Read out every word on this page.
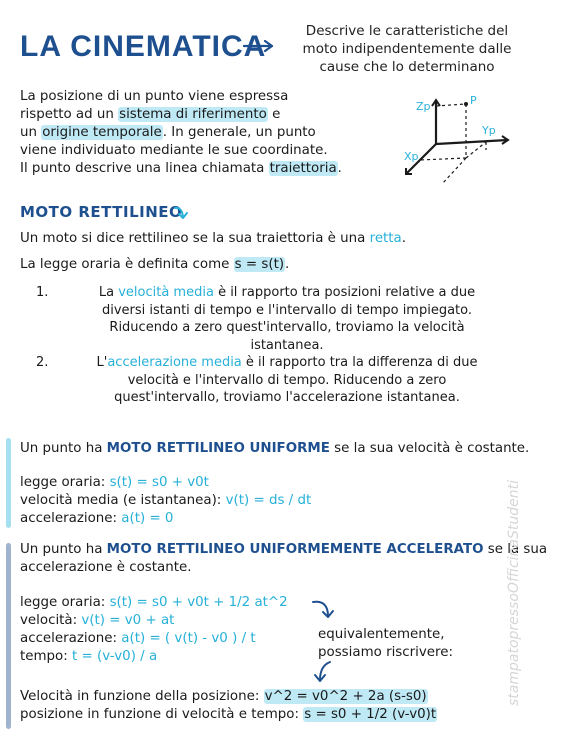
LA CINEMATICA	Descrive le caratteristiche del
moto indipendentemente dalle
cause che lo determinano
La posizione di un punto viene espressa
rispetto ad un sistema di riferimento e
un origine temporale. In generale, un punto
viene individuato mediante le sue coordinate.
Il punto descrive una linea chiamata traiettoria.
Zp	P
Yp
Xp
MOTO RETTILINEO
Un moto si dice rettilineo se la sua traiettoria è una retta.
La legge oraria è definita come s = s(t).
1.	La velocità media è il rapporto tra posizioni relative a due
diversi istanti di tempo e l'intervallo di tempo impiegato.
Riducendo a zero quest'intervallo, troviamo la velocità
istantanea.
2.	L'accelerazione media è il rapporto tra la differenza di due
velocità e l'intervallo di tempo. Riducendo a zero
quest'intervallo, troviamo l'accelerazione istantanea.
Un punto ha MOTO RETTILINEO UNIFORME se la sua velocità è costante.
legge oraria: s(t) = s0 + v0t
velocità media (e istantanea): v(t) = ds / dt
accelerazione: a(t) = 0
Un punto ha MOTO RETTILINEO UNIFORMEMENTE ACCELERATO se la sua
accelerazione è costante.
legge oraria: s(t) = s0 + v0t + 1/2 at^2
velocità: v(t) = v0 + at
accelerazione: a(t) = ( v(t) - v0 ) / t
tempo: t = (v-v0) / a
equivalentemente,
possiamo riscrivere:
Velocità in funzione della posizione: v^2 = v0^2 + 2a (s-s0)
posizione in funzione di velocità e tempo: s = s0 + 1/2 (v-v0)t
stampatopressoOfficinaStudenti
